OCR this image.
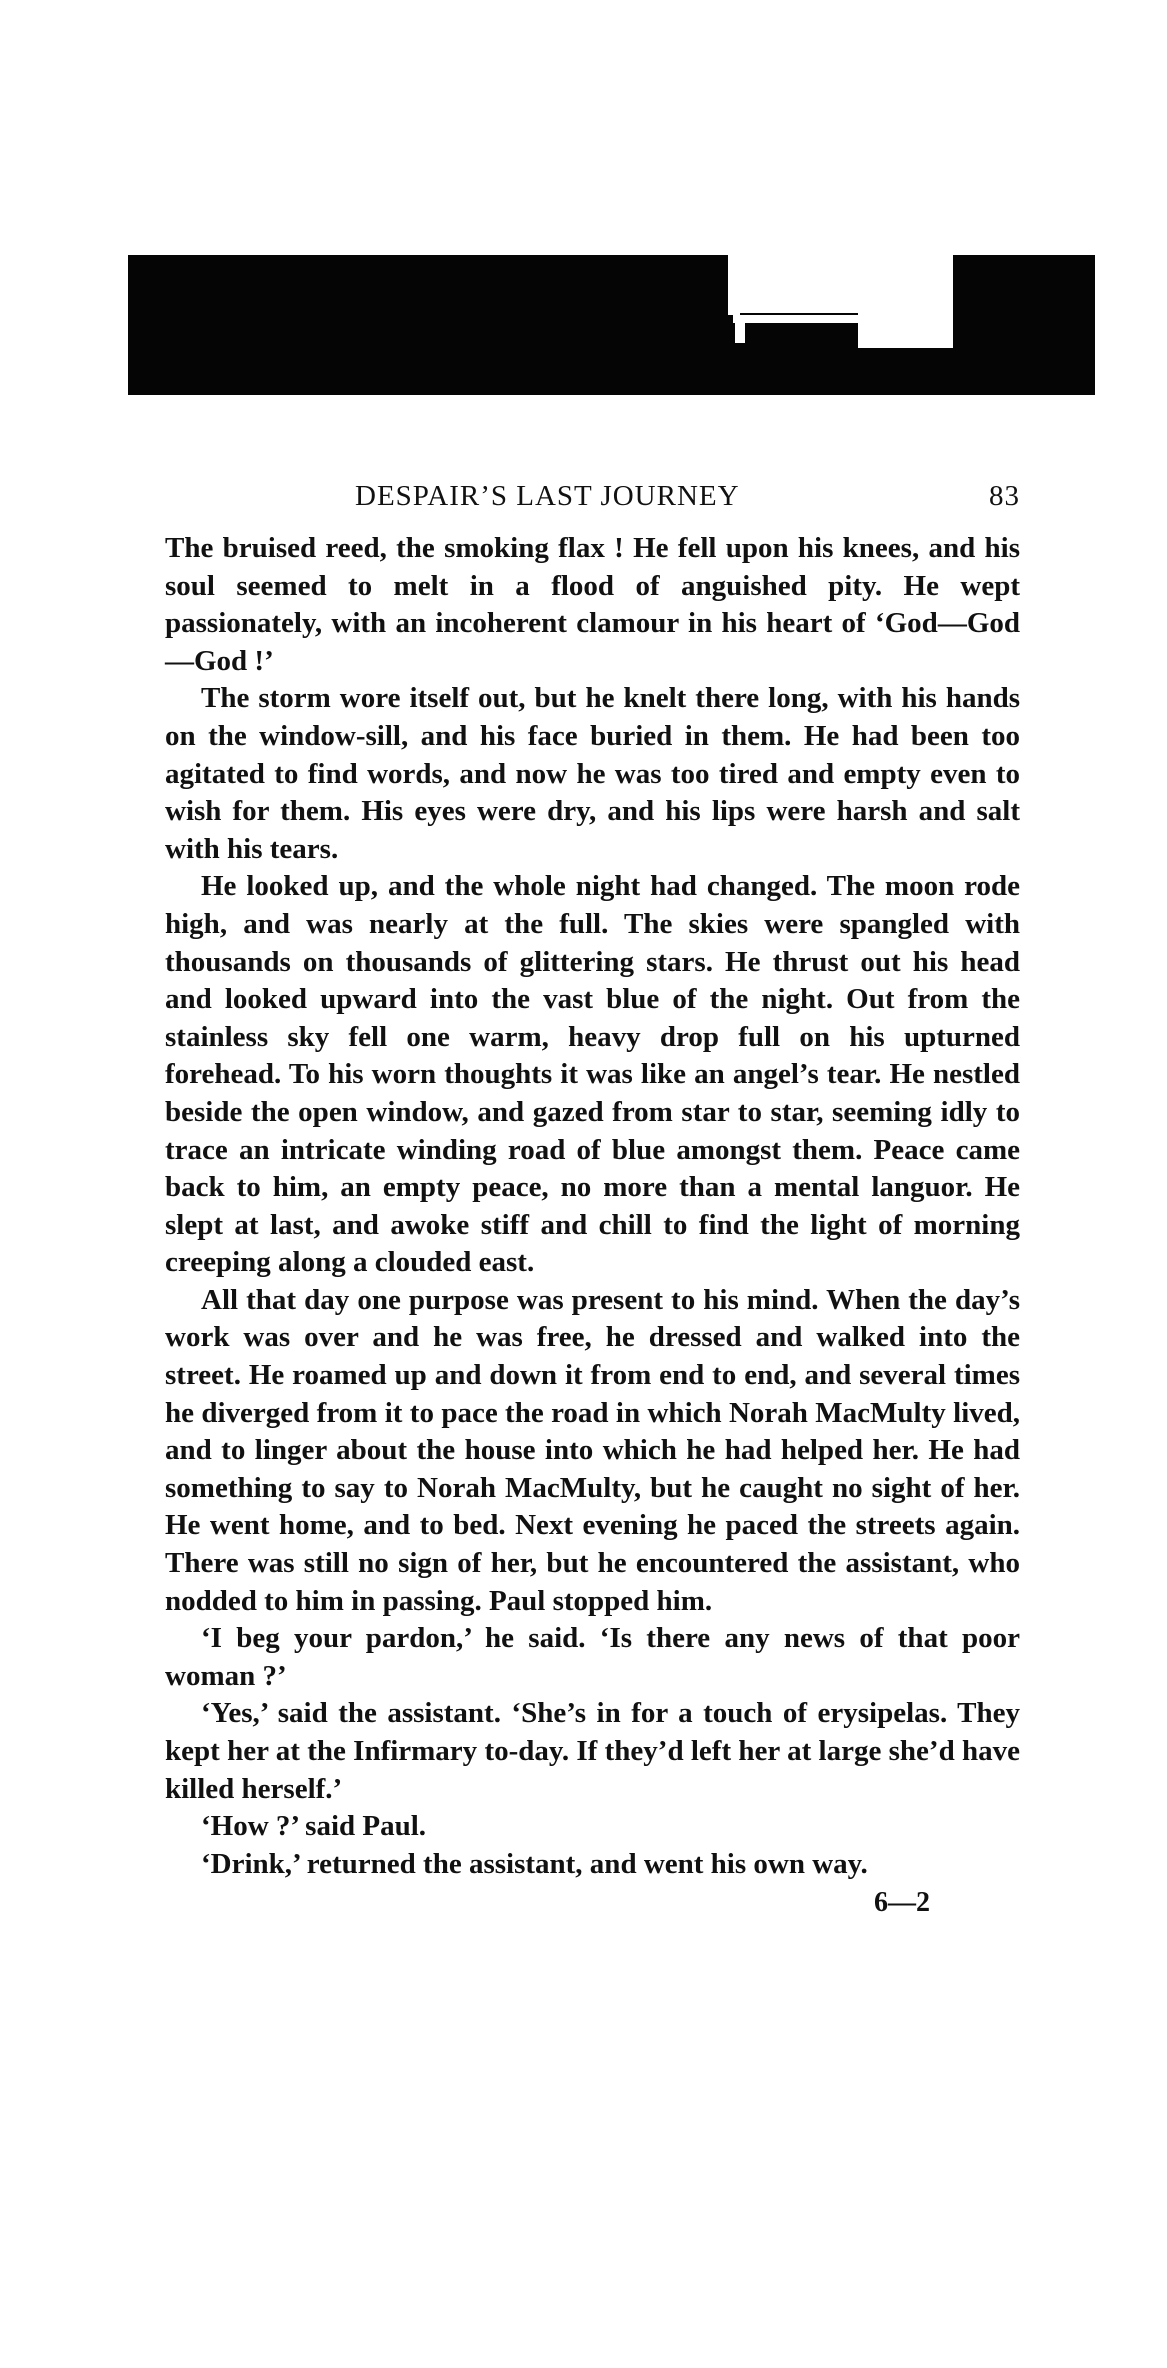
DESPAIR’S LAST JOURNEY	83

The bruised reed, the smoking flax ! He fell upon his knees, and his soul seemed to melt in a flood of anguished pity. He wept passionately, with an incoherent clamour in his heart of ‘God—God—God !’

The storm wore itself out, but he knelt there long, with his hands on the window-sill, and his face buried in them. He had been too agitated to find words, and now he was too tired and empty even to wish for them. His eyes were dry, and his lips were harsh and salt with his tears.

He looked up, and the whole night had changed. The moon rode high, and was nearly at the full. The skies were spangled with thousands on thousands of glittering stars. He thrust out his head and looked upward into the vast blue of the night. Out from the stainless sky fell one warm, heavy drop full on his upturned forehead. To his worn thoughts it was like an angel’s tear. He nestled beside the open window, and gazed from star to star, seeming idly to trace an intricate winding road of blue amongst them. Peace came back to him, an empty peace, no more than a mental languor. He slept at last, and awoke stiff and chill to find the light of morning creeping along a clouded east.

All that day one purpose was present to his mind. When the day’s work was over and he was free, he dressed and walked into the street. He roamed up and down it from end to end, and several times he diverged from it to pace the road in which Norah MacMulty lived, and to linger about the house into which he had helped her. He had something to say to Norah MacMulty, but he caught no sight of her. He went home, and to bed. Next evening he paced the streets again. There was still no sign of her, but he encountered the assistant, who nodded to him in passing. Paul stopped him.

‘I beg your pardon,’ he said. ‘Is there any news of that poor woman ?’

‘Yes,’ said the assistant. ‘She’s in for a touch of erysipelas. They kept her at the Infirmary to-day. If they’d left her at large she’d have killed herself.’

‘How ?’ said Paul.

‘Drink,’ returned the assistant, and went his own way.

6—2
